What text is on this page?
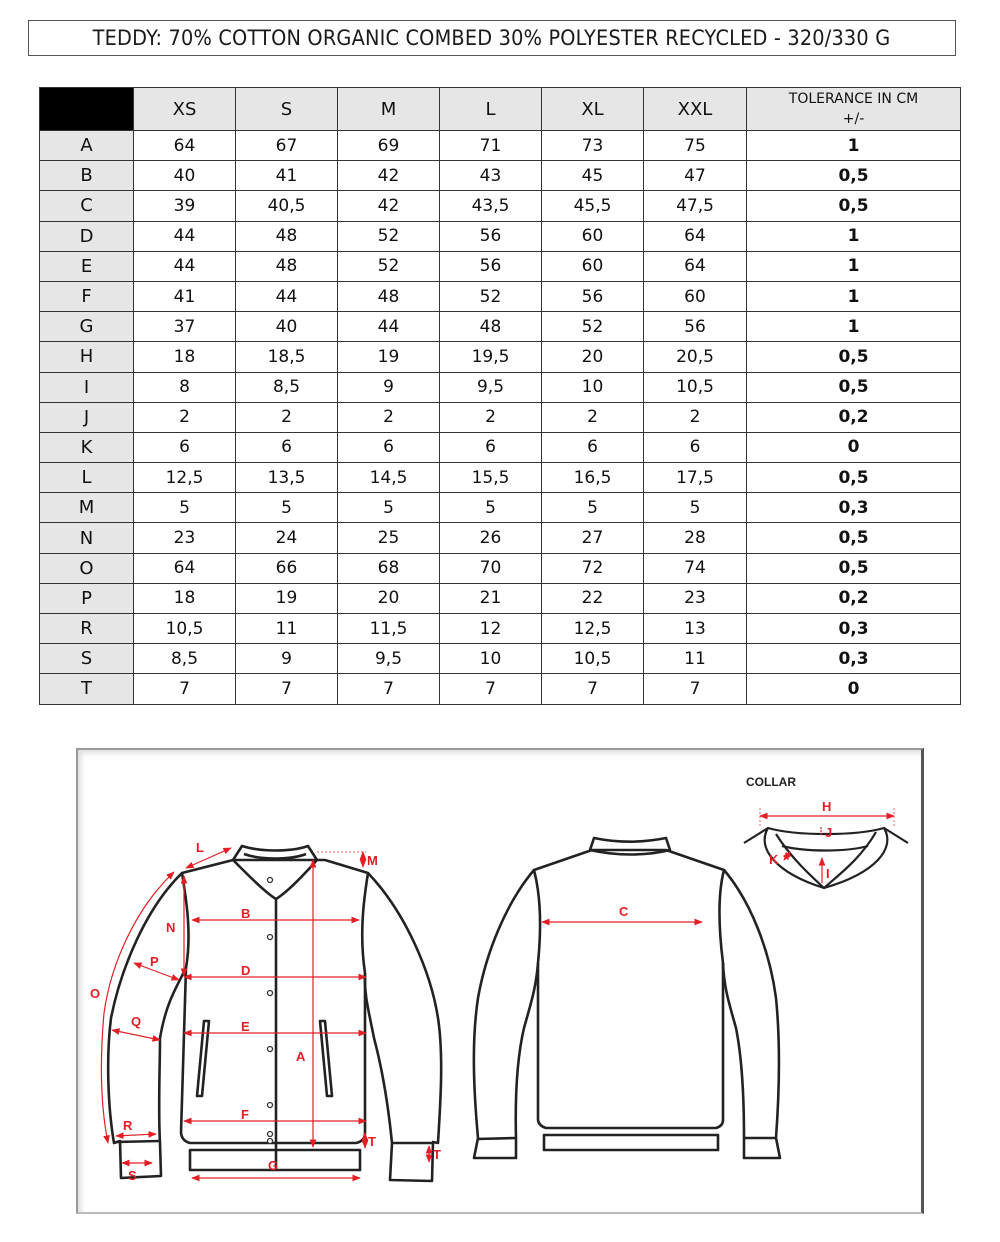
TEDDY: 70% COTTON ORGANIC COMBED 30% POLYESTER RECYCLED - 320/330 G
	XS	S	M	L	XL	XXL	TOLERANCE IN CM
+/-

A	64	67	69	71	73	75	1
B	40	41	42	43	45	47	0,5
C	39	40,5	42	43,5	45,5	47,5	0,5
D	44	48	52	56	60	64	1
E	44	48	52	56	60	64	1
F	41	44	48	52	56	60	1
G	37	40	44	48	52	56	1
H	18	18,5	19	19,5	20	20,5	0,5
I	8	8,5	9	9,5	10	10,5	0,5
J	2	2	2	2	2	2	0,2
K	6	6	6	6	6	6	0
L	12,5	13,5	14,5	15,5	16,5	17,5	0,5
M	5	5	5	5	5	5	0,3
N	23	24	25	26	27	28	0,5
O	64	66	68	70	72	74	0,5
P	18	19	20	21	22	23	0,2
R	10,5	11	11,5	12	12,5	13	0,3
S	8,5	9	9,5	10	10,5	11	0,3
T	7	7	7	7	7	7	0
A
B
D
E
F
G
L
M
N
O
P
Q
R
S
T
T
C
COLLAR
H
J
K
I
